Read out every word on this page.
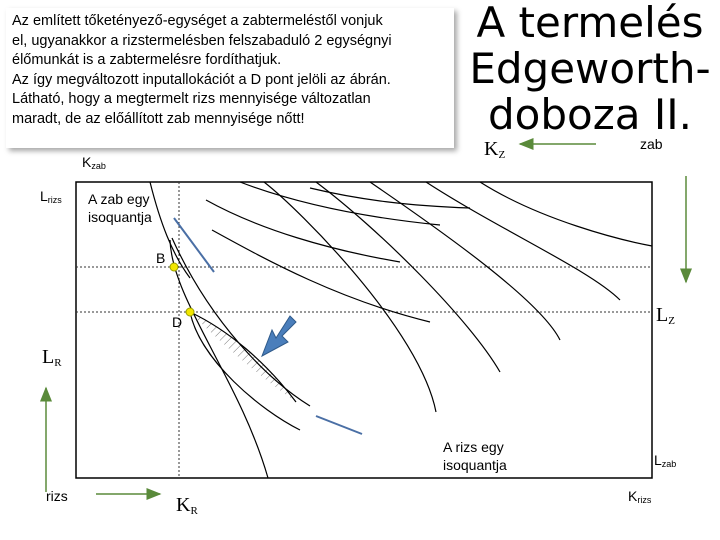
Az említett tőketényező-egységet a zabtermeléstől vonjuk

el, ugyanakkor a rizstermelésben felszabaduló 2 egységnyi

élőmunkát is a zabtermelésre fordíthatjuk.

Az így megváltozott inputallokációt a D pont jelöli az ábrán.

Látható, hogy a megtermelt rizs mennyisége változatlan

maradt, de az előállított zab mennyisége nőtt!

A termelés
Edgeworth-
doboza II.
$K_{zab}$
$L_{rizs}$ A zab egy isoquantja
B
D
LR
A rizs egy isoquantja
rizs	KR
KZ
zab
LZ
$L_{zab}$
$K_{rizs}$
